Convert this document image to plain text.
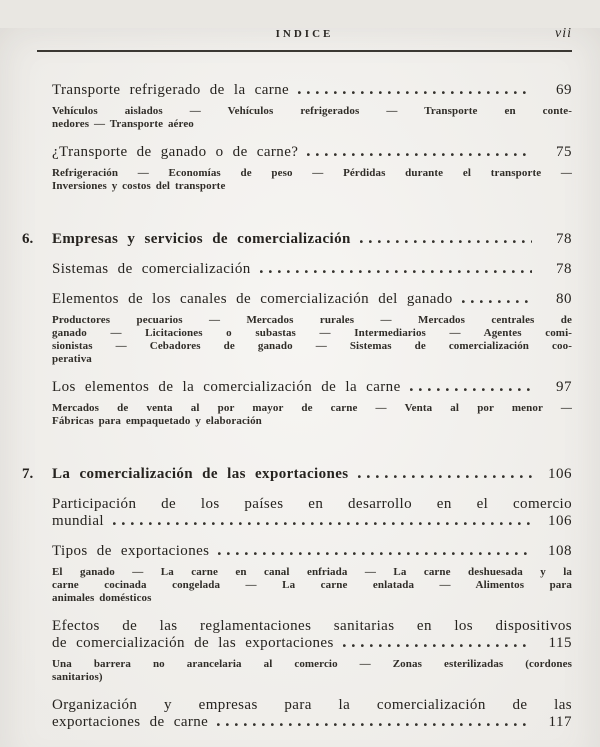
INDICE	vii
Transporte refrigerado de la carne	69
Vehículos aislados — Vehículos refrigerados — Transporte en conte-
nedores — Transporte aéreo
¿Transporte de ganado o de carne?	75
Refrigeración — Economías de peso — Pérdidas durante el transporte —
Inversiones y costos del transporte
6. Empresas y servicios de comercialización	78
Sistemas de comercialización	78
Elementos de los canales de comercialización del ganado	80
Productores pecuarios — Mercados rurales — Mercados centrales de
ganado — Licitaciones o subastas — Intermediarios — Agentes comi-
sionistas — Cebadores de ganado — Sistemas de comercialización coo-
perativa
Los elementos de la comercialización de la carne	97
Mercados de venta al por mayor de carne — Venta al por menor —
Fábricas para empaquetado y elaboración
7. La comercialización de las exportaciones	106
Participación de los países en desarrollo en el comercio
mundial	106
Tipos de exportaciones	108
El ganado — La carne en canal enfriada — La carne deshuesada y la
carne cocinada congelada — La carne enlatada — Alimentos para
animales domésticos
Efectos de las reglamentaciones sanitarias en los dispositivos
de comercialización de las exportaciones	115
Una barrera no arancelaria al comercio — Zonas esterilizadas (cordones
sanitarios)
Organización y empresas para la comercialización de las
exportaciones de carne	117
